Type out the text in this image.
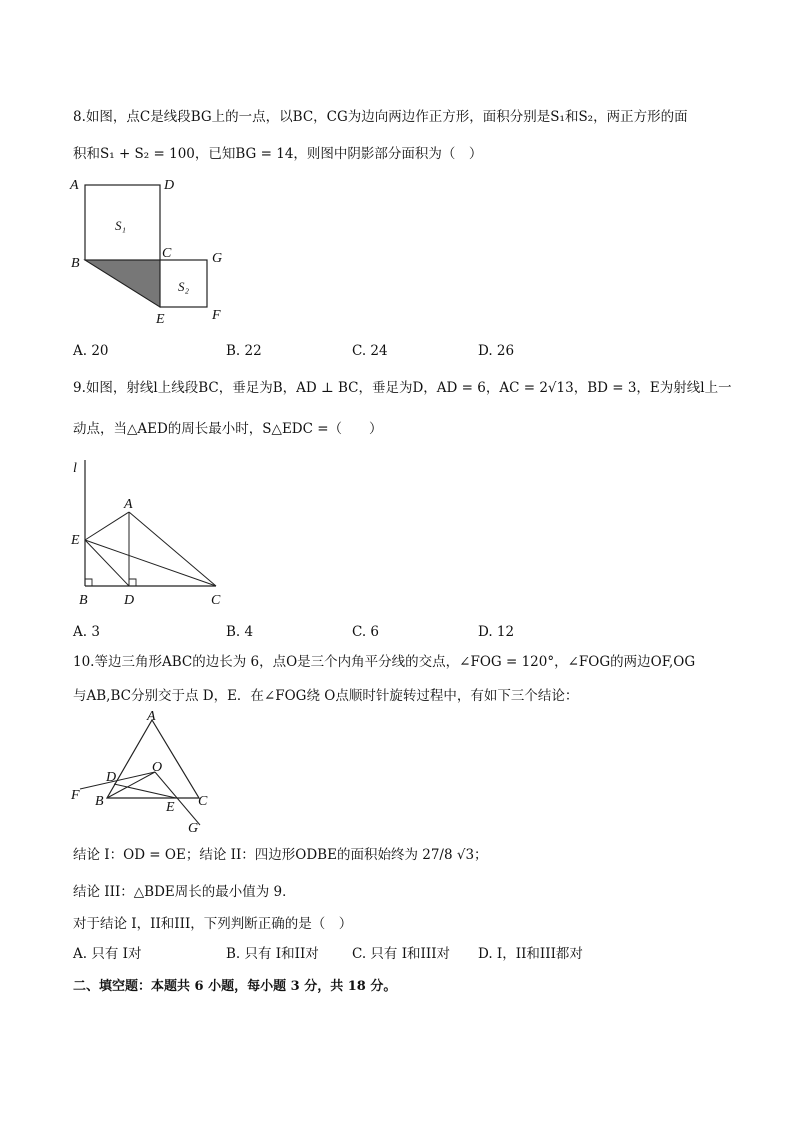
8.如图，点C是线段BG上的一点，以BC，CG为边向两边作正方形，面积分别是S₁和S₂，两正方形的面
积和S₁ + S₂ = 100，已知BG = 14，则图中阴影部分面积为（　）
A	D
S₁
C
B	G
S₂
E	F
A. 20	B. 22	C. 24	D. 26
9.如图，射线l上线段BC，垂足为B，AD ⊥ BC，垂足为D，AD = 6，AC = 2√13，BD = 3，E为射线l上一
动点，当△AED的周长最小时，S△EDC =（　　）
l
A
E
B	D	C
A. 3	B. 4	C. 6	D. 12
10.等边三角形ABC的边长为 6，点O是三个内角平分线的交点，∠FOG = 120°，∠FOG的两边OF,OG
与AB,BC分别交于点 D，E．在∠FOG绕 O点顺时针旋转过程中，有如下三个结论：
A
O
D
F B	E C
G
结论 I：OD = OE；结论 II：四边形ODBE的面积始终为 27/8 √3；
结论 III：△BDE周长的最小值为 9．
对于结论 I，II和III，下列判断正确的是（　）
A. 只有 I对	B. 只有 I和II对 C. 只有 I和III对 D. I，II和III都对
二、填空题：本题共 6 小题，每小题 3 分，共 18 分。
